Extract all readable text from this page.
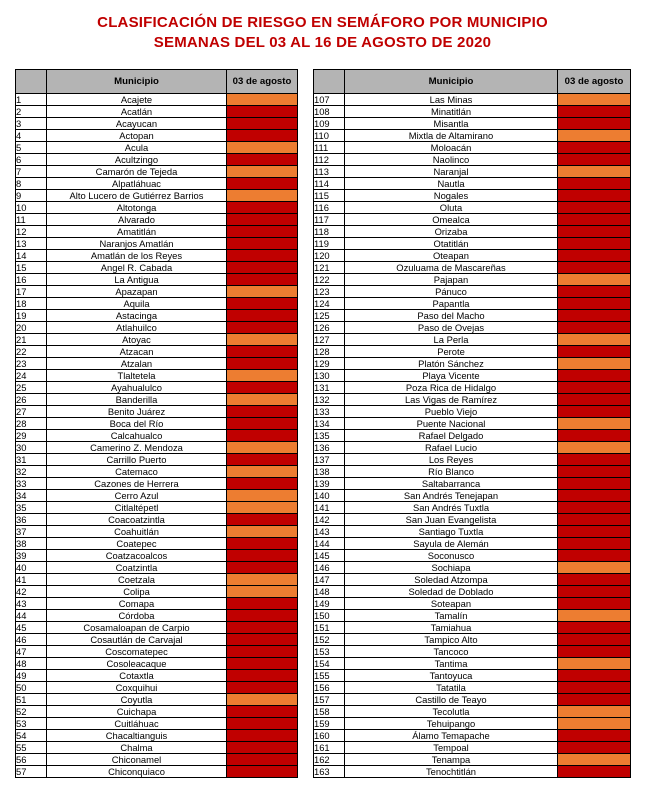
CLASIFICACIÓN DE RIESGO EN SEMÁFORO POR MUNICIPIO
SEMANAS DEL 03 AL 16 DE AGOSTO DE 2020
	Municipio	03 de agosto
1	Acajete	
2	Acatlán	
3	Acayucan	
4	Actopan	
5	Acula	
6	Acultzingo	
7	Camarón de Tejeda	
8	Alpatláhuac	
9	Alto Lucero de Gutiérrez Barrios	
10	Altotonga	
11	Alvarado	
12	Amatitlán	
13	Naranjos Amatlán	
14	Amatlán de los Reyes	
15	Angel R. Cabada	
16	La Antigua	
17	Apazapan	
18	Aquila	
19	Astacinga	
20	Atlahuilco	
21	Atoyac	
22	Atzacan	
23	Atzalan	
24	Tlaltetela	
25	Ayahualulco	
26	Banderilla	
27	Benito Juárez	
28	Boca del Río	
29	Calcahualco	
30	Camerino Z. Mendoza	
31	Carrillo Puerto	
32	Catemaco	
33	Cazones de Herrera	
34	Cerro Azul	
35	Citlaltépetl	
36	Coacoatzintla	
37	Coahuitlán	
38	Coatepec	
39	Coatzacoalcos	
40	Coatzintla	
41	Coetzala	
42	Colipa	
43	Comapa	
44	Córdoba	
45	Cosamaloapan de Carpio	
46	Cosautlán de Carvajal	
47	Coscomatepec	
48	Cosoleacaque	
49	Cotaxtla	
50	Coxquihui	
51	Coyutla	
52	Cuichapa	
53	Cuitláhuac	
54	Chacaltianguis	
55	Chalma	
56	Chiconamel	
57	Chiconquiaco	
	Municipio	03 de agosto
107	Las Minas	
108	Minatitlán	
109	Misantla	
110	Mixtla de Altamirano	
111	Moloacán	
112	Naolinco	
113	Naranjal	
114	Nautla	
115	Nogales	
116	Oluta	
117	Omealca	
118	Orizaba	
119	Otatitlán	
120	Oteapan	
121	Ozuluama de Mascareñas	
122	Pajapan	
123	Pánuco	
124	Papantla	
125	Paso del Macho	
126	Paso de Ovejas	
127	La Perla	
128	Perote	
129	Platón Sánchez	
130	Playa Vicente	
131	Poza Rica de Hidalgo	
132	Las Vigas de Ramírez	
133	Pueblo Viejo	
134	Puente Nacional	
135	Rafael Delgado	
136	Rafael Lucio	
137	Los Reyes	
138	Río Blanco	
139	Saltabarranca	
140	San Andrés Tenejapan	
141	San Andrés Tuxtla	
142	San Juan Evangelista	
143	Santiago Tuxtla	
144	Sayula de Alemán	
145	Soconusco	
146	Sochiapa	
147	Soledad Atzompa	
148	Soledad de Doblado	
149	Soteapan	
150	Tamalín	
151	Tamiahua	
152	Tampico Alto	
153	Tancoco	
154	Tantima	
155	Tantoyuca	
156	Tatatila	
157	Castillo de Teayo	
158	Tecolutla	
159	Tehuipango	
160	Álamo Temapache	
161	Tempoal	
162	Tenampa	
163	Tenochtitlán	
